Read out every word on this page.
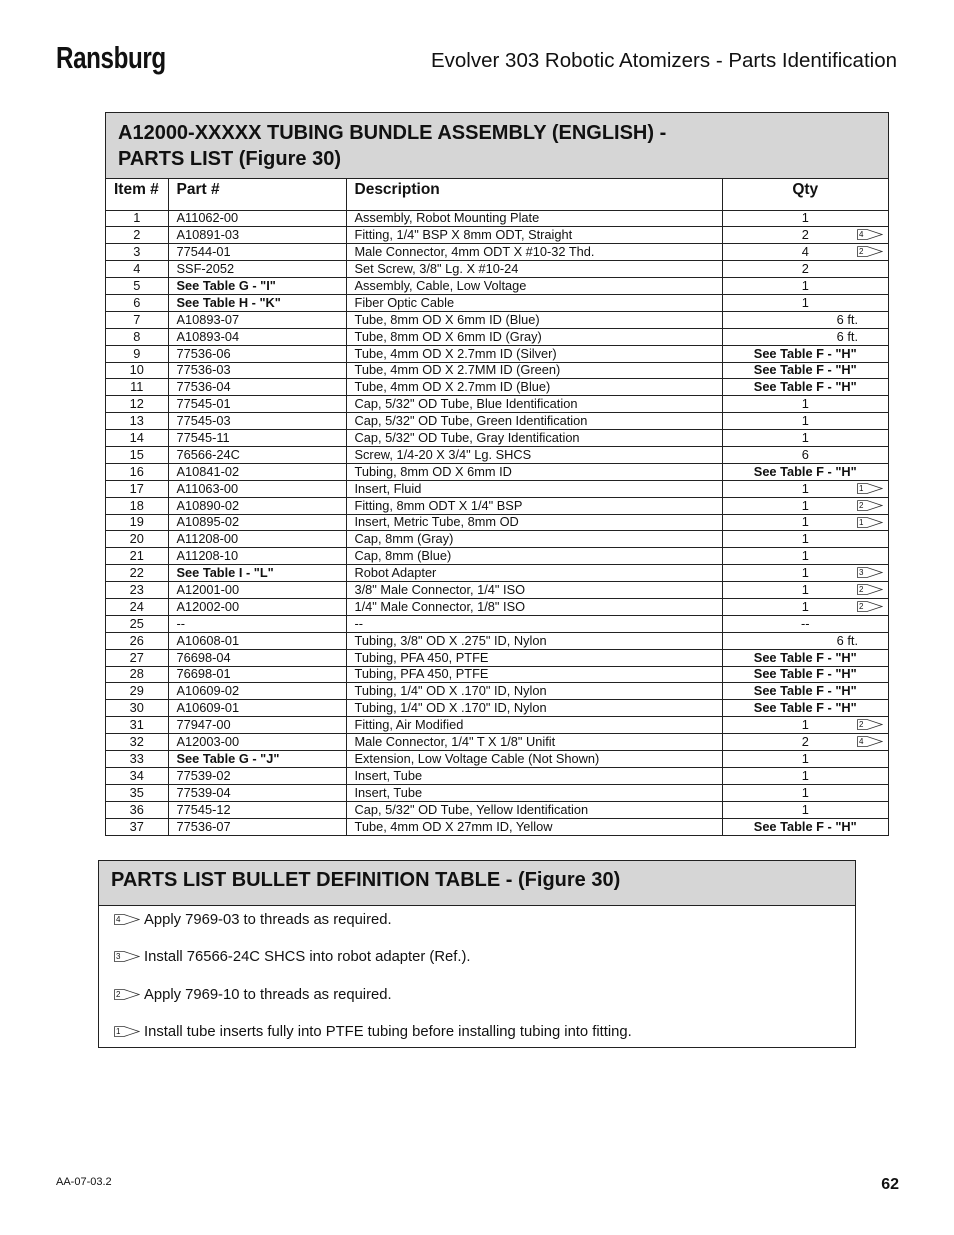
Ransburg	Evolver 303 Robotic Atomizers - Parts Identification
A12000-XXXXX TUBING BUNDLE ASSEMBLY (ENGLISH) -
PARTS LIST (Figure 30)
Item #	Part #	Description	Qty
1	A11062-00	Assembly, Robot Mounting Plate	1
2	A10891-03	Fitting, 1/4" BSP X 8mm ODT, Straight	2 4

3	77544-01	Male Connector, 4mm ODT X #10-32 Thd.	4 2

4	SSF-2052	Set Screw, 3/8" Lg. X #10-24	2
5	See Table G - "I"	Assembly, Cable, Low Voltage	1
6	See Table H - "K"	Fiber Optic Cable	1
7	A10893-07	Tube, 8mm OD X 6mm ID (Blue)	6 ft.
8	A10893-04	Tube, 8mm OD X 6mm ID (Gray)	6 ft.
9	77536-06	Tube, 4mm OD X 2.7mm ID (Silver)	See Table F - "H"
10	77536-03	Tube, 4mm OD X 2.7MM ID (Green)	See Table F - "H"
11	77536-04	Tube, 4mm OD X 2.7mm ID (Blue)	See Table F - "H"
12	77545-01	Cap, 5/32" OD Tube, Blue Identification	1
13	77545-03	Cap, 5/32" OD Tube, Green Identification	1
14	77545-11	Cap, 5/32" OD Tube, Gray Identification	1
15	76566-24C	Screw, 1/4-20 X 3/4" Lg. SHCS	6
16	A10841-02	Tubing, 8mm OD X 6mm ID	See Table F - "H"
17	A11063-00	Insert, Fluid	1 1

18	A10890-02	Fitting, 8mm ODT X 1/4" BSP	1 2

19	A10895-02	Insert, Metric Tube, 8mm OD	1 1

20	A11208-00	Cap, 8mm (Gray)	1
21	A11208-10	Cap, 8mm (Blue)	1
22	See Table I - "L"	Robot Adapter	1 3

23	A12001-00	3/8" Male Connector, 1/4" ISO	1 2

24	A12002-00	1/4" Male Connector, 1/8" ISO	1 2

25	--	--	--
26	A10608-01	Tubing, 3/8" OD X .275" ID, Nylon	6 ft.
27	76698-04	Tubing, PFA 450, PTFE	See Table F - "H"
28	76698-01	Tubing, PFA 450, PTFE	See Table F - "H"
29	A10609-02	Tubing, 1/4" OD X .170" ID, Nylon	See Table F - "H"
30	A10609-01	Tubing, 1/4" OD X .170" ID, Nylon	See Table F - "H"
31	77947-00	Fitting, Air Modified	1 2

32	A12003-00	Male Connector, 1/4" T X 1/8" Unifit	2 4

33	See Table G - "J"	Extension, Low Voltage Cable (Not Shown)	1
34	77539-02	Insert, Tube	1
35	77539-04	Insert, Tube	1
36	77545-12	Cap, 5/32" OD Tube, Yellow Identification	1
37	77536-07	Tube, 4mm OD X 27mm ID, Yellow	See Table F - "H"
PARTS LIST BULLET DEFINITION TABLE - (Figure 30)
4 Apply 7969-03 to threads as required.
3 Install 76566-24C SHCS into robot adapter (Ref.).
2 Apply 7969-10 to threads as required.
1 Install tube inserts fully into PTFE tubing before installing tubing into fitting.
AA-07-03.2	62
